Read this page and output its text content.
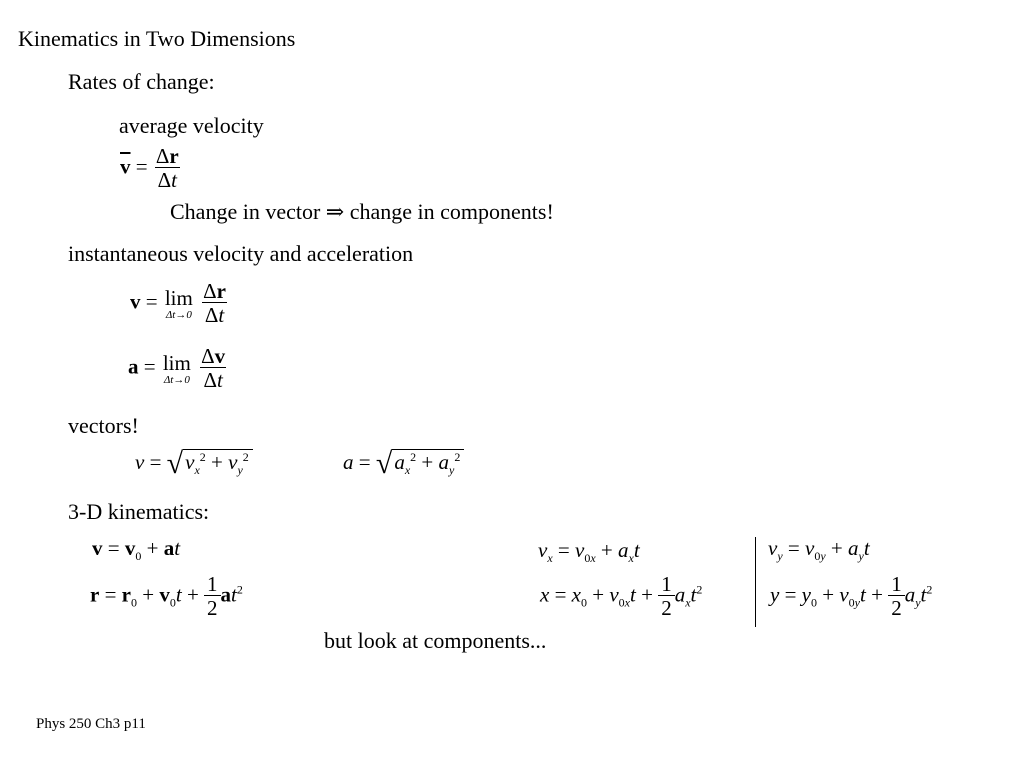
Kinematics in Two Dimensions
Rates of change:
average velocity
$\overline{v} = \frac{\Delta r}{\Delta t}$
Change in vector ⇒ change in components!
instantaneous velocity and acceleration
v = lim
Δt→0
$\frac{\Delta r}{\Delta t}$
a = lim
Δt→0
$\frac{\Delta v}{\Delta t}$
vectors!
$v = √v_x^2 + v_y^2$	$a = √a_x^2 + a_y^2$
3-D kinematics:
$v = v_0$ + at
$r = r_0 + v_0t + \frac{1}{2} at^2$
$v_x = v_{0x} + a_xt$
$x = x_0 + v_{0x}t + \frac{1}{2} a_xt^2$
$v_y = v_{0y} + a_yt$
$y = y_0 + v_{0y}t + \frac{1}{2} a_yt^2$
but look at components...
Phys 250 Ch3 p11
